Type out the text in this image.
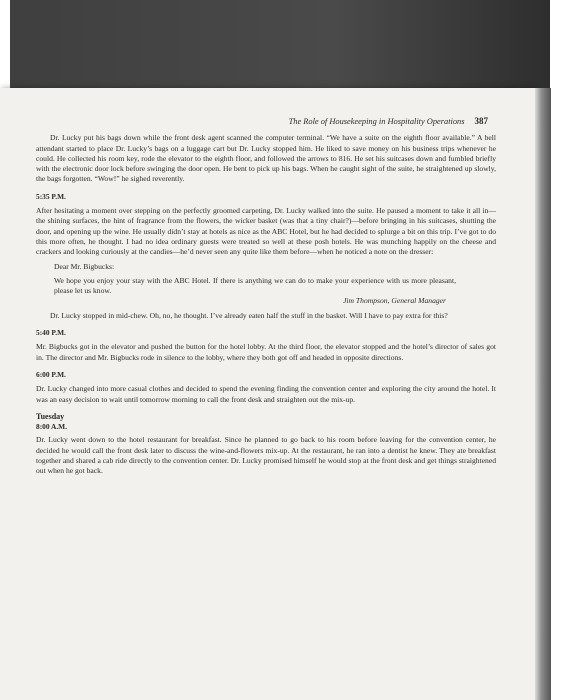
The Role of Housekeeping in Hospitality Operations 387

Dr. Lucky put his bags down while the front desk agent scanned the computer terminal. “We have a suite on the eighth floor available.” A bell attendant started to place Dr. Lucky’s bags on a luggage cart but Dr. Lucky stopped him. He liked to save money on his business trips whenever he could. He collected his room key, rode the elevator to the eighth floor, and followed the arrows to 816. He set his suitcases down and fumbled briefly with the electronic door lock before swinging the door open. He bent to pick up his bags. When he caught sight of the suite, he straightened up slowly, the bags forgotten. “Wow!” he sighed reverently.

5:35 P.M.

After hesitating a moment over stepping on the perfectly groomed carpeting, Dr. Lucky walked into the suite. He paused a moment to take it all in—the shining surfaces, the hint of fragrance from the flowers, the wicker basket (was that a tiny chair?)—before bringing in his suitcases, shutting the door, and opening up the wine. He usually didn’t stay at hotels as nice as the ABC Hotel, but he had decided to splurge a bit on this trip. I’ve got to do this more often, he thought. I had no idea ordinary guests were treated so well at these posh hotels. He was munching happily on the cheese and crackers and looking curiously at the candies—he’d never seen any quite like them before—when he noticed a note on the dresser:

Dear Mr. Bigbucks:

We hope you enjoy your stay with the ABC Hotel. If there is anything we can do to make your experience with us more pleasant, please let us know.

Jim Thompson, General Manager

Dr. Lucky stopped in mid-chew. Oh, no, he thought. I’ve already eaten half the stuff in the basket. Will I have to pay extra for this?

5:40 P.M.

Mr. Bigbucks got in the elevator and pushed the button for the hotel lobby. At the third floor, the elevator stopped and the hotel’s director of sales got in. The director and Mr. Bigbucks rode in silence to the lobby, where they both got off and headed in opposite directions.

6:00 P.M.

Dr. Lucky changed into more casual clothes and decided to spend the evening finding the convention center and exploring the city around the hotel. It was an easy decision to wait until tomorrow morning to call the front desk and straighten out the mix-up.

Tuesday
8:00 A.M.

Dr. Lucky went down to the hotel restaurant for breakfast. Since he planned to go back to his room before leaving for the convention center, he decided he would call the front desk later to discuss the wine-and-flowers mix-up. At the restaurant, he ran into a dentist he knew. They ate breakfast together and shared a cab ride directly to the convention center. Dr. Lucky promised himself he would stop at the front desk and get things straightened out when he got back.
